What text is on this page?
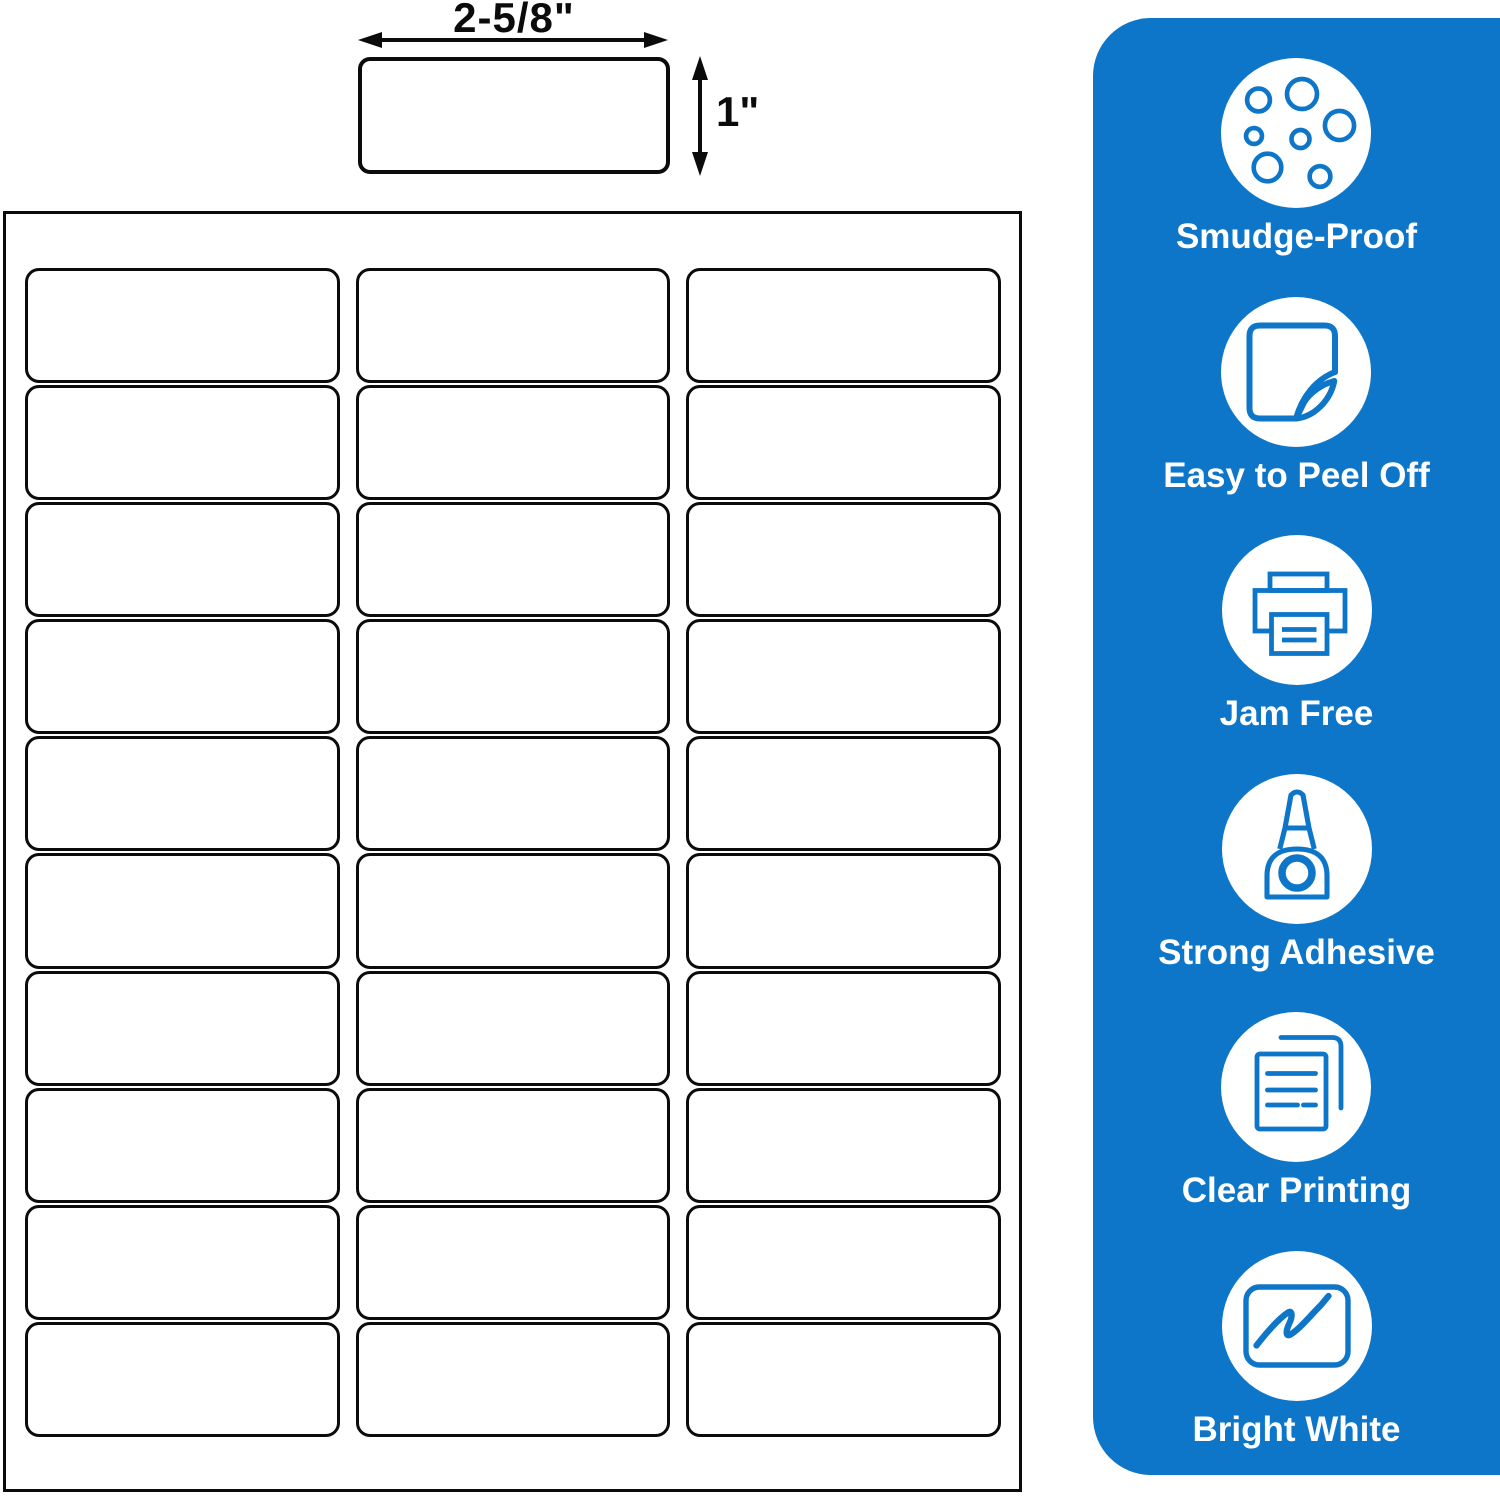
2-5/8"
1"
Smudge-Proof
Easy to Peel Off
Jam Free
Strong Adhesive
Clear Printing
Bright White
